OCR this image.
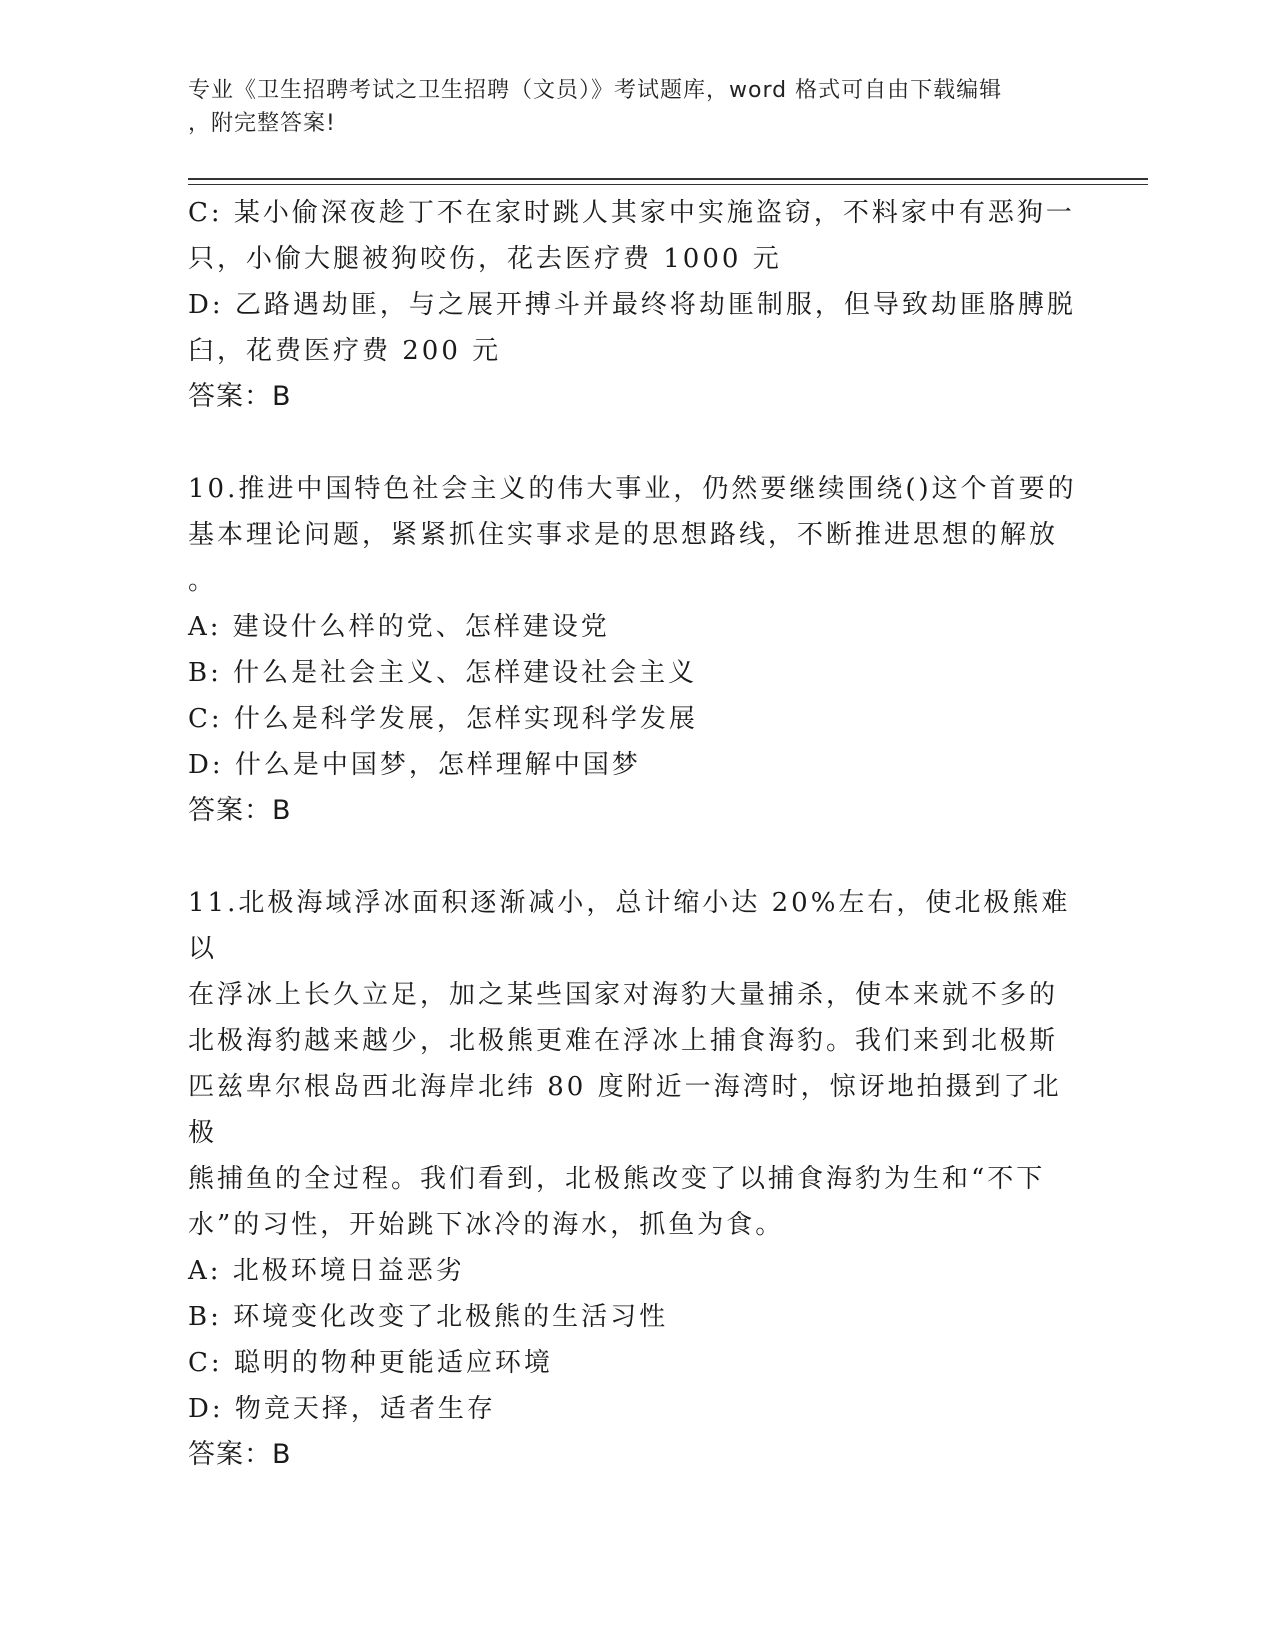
专业《卫生招聘考试之卫生招聘（文员）》考试题库，word 格式可自由下载编辑
，附完整答案!
C: 某小偷深夜趁丁不在家时跳人其家中实施盗窃，不料家中有恶狗一
只，小偷大腿被狗咬伤，花去医疗费 1000 元
D: 乙路遇劫匪，与之展开搏斗并最终将劫匪制服，但导致劫匪胳膊脱
臼，花费医疗费 200 元
答案：B
10.推进中国特色社会主义的伟大事业，仍然要继续围绕()这个首要的
基本理论问题，紧紧抓住实事求是的思想路线，不断推进思想的解放
。
A: 建设什么样的党、怎样建设党
B: 什么是社会主义、怎样建设社会主义
C: 什么是科学发展，怎样实现科学发展
D: 什么是中国梦，怎样理解中国梦
答案：B
11.北极海域浮冰面积逐渐减小，总计缩小达 20%左右，使北极熊难以
在浮冰上长久立足，加之某些国家对海豹大量捕杀，使本来就不多的
北极海豹越来越少，北极熊更难在浮冰上捕食海豹。我们来到北极斯
匹兹卑尔根岛西北海岸北纬 80 度附近一海湾时，惊讶地拍摄到了北极
熊捕鱼的全过程。我们看到，北极熊改变了以捕食海豹为生和“不下
水”的习性，开始跳下冰冷的海水，抓鱼为食。
A: 北极环境日益恶劣
B: 环境变化改变了北极熊的生活习性
C: 聪明的物种更能适应环境
D: 物竞天择，适者生存
答案：B
